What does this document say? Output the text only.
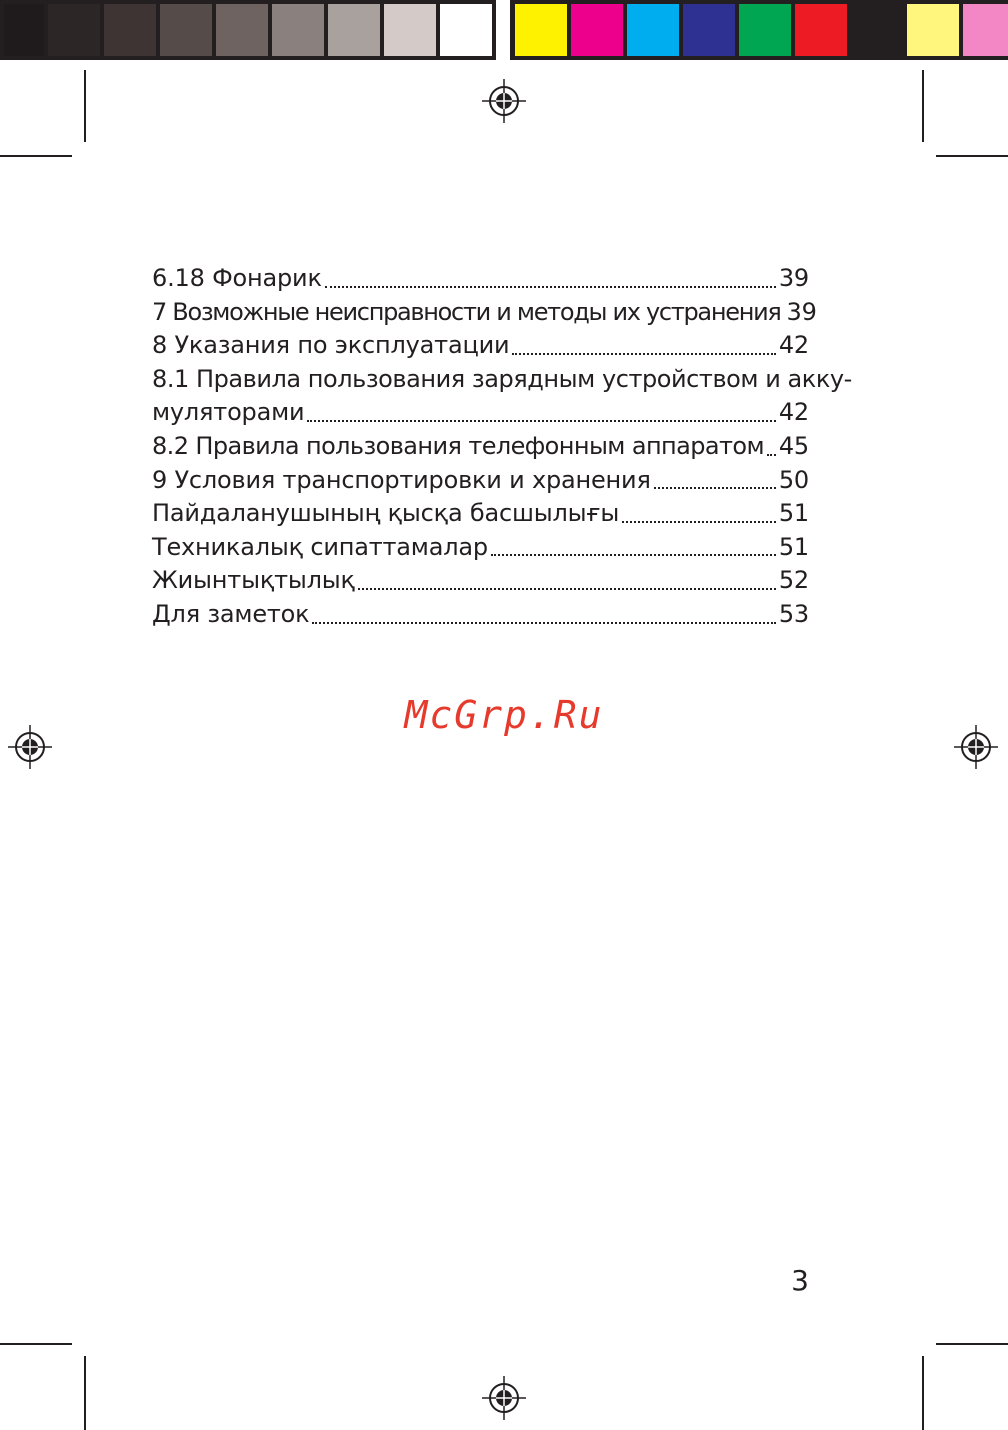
6.18 Фонарик	39
7 Возможные неисправности и методы их устранения 39
8 Указания по эксплуатации	42
8.1 Правила пользования зарядным устройством и акку-
муляторами	42
8.2 Правила пользования телефонным аппаратом 45
9 Условия транспортировки и хранения	50
Пайдаланушының қысқа басшылығы	51
Техникалық сипаттамалар	51
Жиынтықтылық	52
Для заметок	53
McGrp.Ru
3
